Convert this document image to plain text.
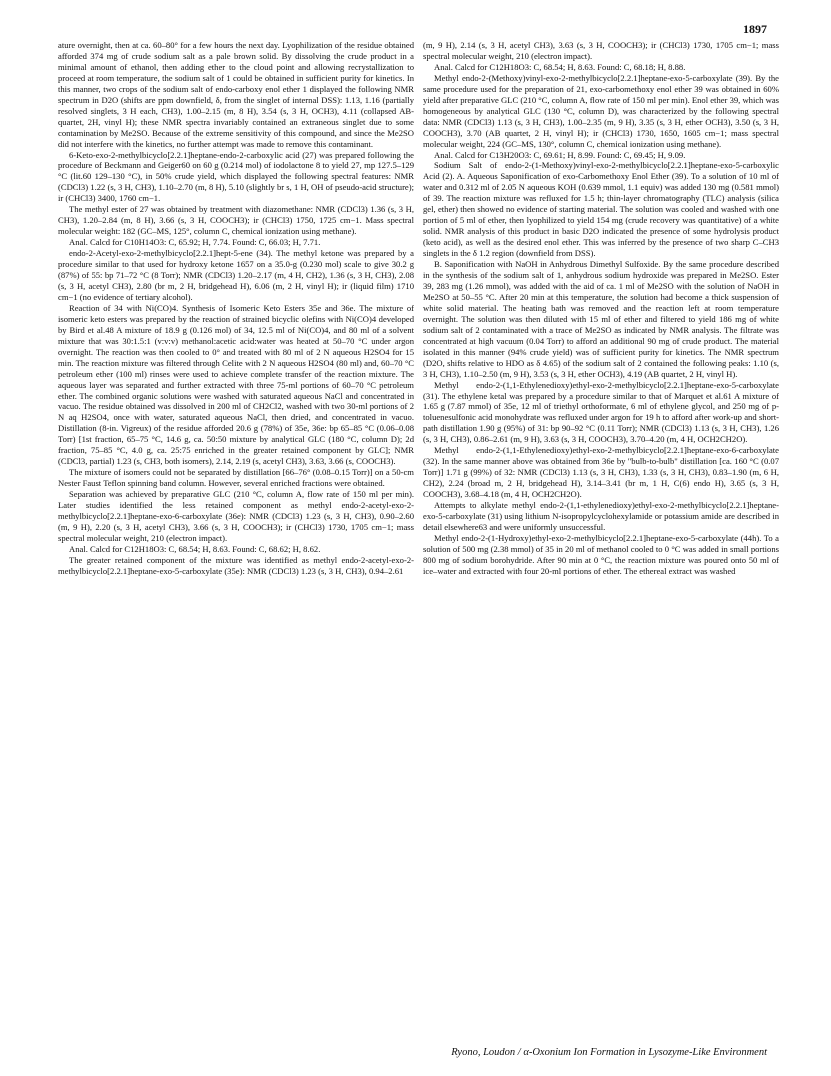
1897

ature overnight, then at ca. 60–80° for a few hours the next day. Lyophilization of the residue obtained afforded 374 mg of crude sodium salt as a pale brown solid. By dissolving the crude product in a minimal amount of ethanol, then adding ether to the cloud point and allowing recrystallization to proceed at room temperature, the sodium salt of 1 could be obtained in sufficient purity for kinetics. In this manner, two crops of the sodium salt of endo-carboxy enol ether 1 displayed the following NMR spectrum in D2O (shifts are ppm downfield, δ, from the singlet of internal DSS): 1.13, 1.16 (partially resolved singlets, 3 H each, CH3), 1.00–2.15 (m, 8 H), 3.54 (s, 3 H, OCH3), 4.11 (collapsed AB-quartet, 2H, vinyl H); these NMR spectra invariably contained an extraneous singlet due to some contamination by Me2SO. Because of the extreme sensitivity of this compound, and since the Me2SO did not interfere with the kinetics, no further attempt was made to remove this contaminant.

6-Keto-exo-2-methylbicyclo[2.2.1]heptane-endo-2-carboxylic acid (27) was prepared following the procedure of Beckmann and Geiger60 on 60 g (0.214 mol) of iodolactone 8 to yield 27, mp 127.5–129 °C (lit.60 129–130 °C), in 50% crude yield, which displayed the following spectral features: NMR (CDCl3) 1.22 (s, 3 H, CH3), 1.10–2.70 (m, 8 H), 5.10 (slightly br s, 1 H, OH of pseudo-acid structure); ir (CHCl3) 3400, 1760 cm−1.

The methyl ester of 27 was obtained by treatment with diazomethane: NMR (CDCl3) 1.36 (s, 3 H, CH3), 1.20–2.84 (m, 8 H), 3.66 (s, 3 H, COOCH3); ir (CHCl3) 1750, 1725 cm−1. Mass spectral molecular weight: 182 (GC–MS, 125°, column C, chemical ionization using methane).

Anal. Calcd for C10H14O3: C, 65.92; H, 7.74. Found: C, 66.03; H, 7.71.

endo-2-Acetyl-exo-2-methylbicyclo[2.2.1]hept-5-ene (34). The methyl ketone was prepared by a procedure similar to that used for hydroxy ketone 1657 on a 35.0-g (0.230 mol) scale to give 30.2 g (87%) of 55: bp 71–72 °C (8 Torr); NMR (CDCl3) 1.20–2.17 (m, 4 H, CH2), 1.36 (s, 3 H, CH3), 2.08 (s, 3 H, acetyl CH3), 2.80 (br m, 2 H, bridgehead H), 6.06 (m, 2 H, vinyl H); ir (liquid film) 1710 cm−1 (no evidence of tertiary alcohol).

Reaction of 34 with Ni(CO)4. Synthesis of Isomeric Keto Esters 35e and 36e. The mixture of isomeric keto esters was prepared by the reaction of strained bicyclic olefins with Ni(CO)4 developed by Bird et al.48 A mixture of 18.9 g (0.126 mol) of 34, 12.5 ml of Ni(CO)4, and 80 ml of a solvent mixture that was 30:1.5:1 (v:v:v) methanol:acetic acid:water was heated at 50–70 °C under argon overnight. The reaction was then cooled to 0° and treated with 80 ml of 2 N aqueous H2SO4 for 15 min. The reaction mixture was filtered through Celite with 2 N aqueous H2SO4 (80 ml) and, 60–70 °C petroleum ether (100 ml) rinses were used to achieve complete transfer of the reaction mixture. The aqueous layer was separated and further extracted with three 75-ml portions of 60–70 °C petroleum ether. The combined organic solutions were washed with saturated aqueous NaCl and concentrated in vacuo. The residue obtained was dissolved in 200 ml of CH2Cl2, washed with two 30-ml portions of 2 N aq H2SO4, once with water, saturated aqueous NaCl, then dried, and concentrated in vacuo. Distillation (8-in. Vigreux) of the residue afforded 20.6 g (78%) of 35e, 36e: bp 65–85 °C (0.06–0.08 Torr) [1st fraction, 65–75 °C, 14.6 g, ca. 50:50 mixture by analytical GLC (180 °C, column D); 2d fraction, 75–85 °C, 4.0 g, ca. 25:75 enriched in the greater retained component by GLC]; NMR (CDCl3, partial) 1.23 (s, CH3, both isomers), 2.14, 2.19 (s, acetyl CH3), 3.63, 3.66 (s, COOCH3).

The mixture of isomers could not be separated by distillation [66–76° (0.08–0.15 Torr)] on a 50-cm Nester Faust Teflon spinning band column. However, several enriched fractions were obtained.

Separation was achieved by preparative GLC (210 °C, column A, flow rate of 150 ml per min). Later studies identified the less retained component as methyl endo-2-acetyl-exo-2-methylbicyclo[2.2.1]heptane-exo-6-carboxylate (36e): NMR (CDCl3) 1.23 (s, 3 H, CH3), 0.90–2.60 (m, 9 H), 2.20 (s, 3 H, acetyl CH3), 3.66 (s, 3 H, COOCH3); ir (CHCl3) 1730, 1705 cm−1; mass spectral molecular weight, 210 (electron impact).

Anal. Calcd for C12H18O3: C, 68.54; H, 8.63. Found: C, 68.62; H, 8.62.

The greater retained component of the mixture was identified as methyl endo-2-acetyl-exo-2-methylbicyclo[2.2.1]heptane-exo-5-carboxylate (35e): NMR (CDCl3) 1.23 (s, 3 H, CH3), 0.94–2.61

(m, 9 H), 2.14 (s, 3 H, acetyl CH3), 3.63 (s, 3 H, COOCH3); ir (CHCl3) 1730, 1705 cm−1; mass spectral molecular weight, 210 (electron impact).

Anal. Calcd for C12H18O3: C, 68.54; H, 8.63. Found: C, 68.18; H, 8.88.

Methyl endo-2-(Methoxy)vinyl-exo-2-methylbicyclo[2.2.1]heptane-exo-5-carboxylate (39). By the same procedure used for the preparation of 21, exo-carbomethoxy enol ether 39 was obtained in 60% yield after preparative GLC (210 °C, column A, flow rate of 150 ml per min). Enol ether 39, which was homogeneous by analytical GLC (130 °C, column D), was characterized by the following spectral data: NMR (CDCl3) 1.13 (s, 3 H, CH3), 1.00–2.35 (m, 9 H), 3.35 (s, 3 H, ether OCH3), 3.50 (s, 3 H, COOCH3), 3.70 (AB quartet, 2 H, vinyl H); ir (CHCl3) 1730, 1650, 1605 cm−1; mass spectral molecular weight, 224 (GC–MS, 130°, column C, chemical ionization using methane).

Anal. Calcd for C13H20O3: C, 69.61; H, 8.99. Found: C, 69.45; H, 9.09.

Sodium Salt of endo-2-(1-Methoxy)vinyl-exo-2-methylbicyclo[2.2.1]heptane-exo-5-carboxylic Acid (2). A. Aqueous Saponification of exo-Carbomethoxy Enol Ether (39). To a solution of 10 ml of water and 0.312 ml of 2.05 N aqueous KOH (0.639 mmol, 1.1 equiv) was added 130 mg (0.581 mmol) of 39. The reaction mixture was refluxed for 1.5 h; thin-layer chromatography (TLC) analysis (silica gel, ether) then showed no evidence of starting material. The solution was cooled and washed with one portion of 5 ml of ether, then lyophilized to yield 154 mg (crude recovery was quantitative) of a white solid. NMR analysis of this product in basic D2O indicated the presence of some hydrolysis product (keto acid), as well as the desired enol ether. This was inferred by the presence of two sharp C–CH3 singlets in the δ 1.2 region (downfield from DSS).

B. Saponification with NaOH in Anhydrous Dimethyl Sulfoxide. By the same procedure described in the synthesis of the sodium salt of 1, anhydrous sodium hydroxide was prepared in Me2SO. Ester 39, 283 mg (1.26 mmol), was added with the aid of ca. 1 ml of Me2SO with the solution of NaOH in Me2SO at 50–55 °C. After 20 min at this temperature, the solution had become a thick suspension of white solid material. The heating bath was removed and the reaction left at room temperature overnight. The solution was then diluted with 15 ml of ether and filtered to yield 186 mg of white sodium salt of 2 contaminated with a trace of Me2SO as indicated by NMR analysis. The filtrate was concentrated at high vacuum (0.04 Torr) to afford an additional 90 mg of crude product. The material isolated in this manner (94% crude yield) was of sufficient purity for kinetics. The NMR spectrum (D2O, shifts relative to HDO as δ 4.65) of the sodium salt of 2 contained the following peaks: 1.10 (s, 3 H, CH3), 1.10–2.50 (m, 9 H), 3.53 (s, 3 H, ether OCH3), 4.19 (AB quartet, 2 H, vinyl H).

Methyl endo-2-(1,1-Ethylenedioxy)ethyl-exo-2-methylbicyclo[2.2.1]heptane-exo-5-carboxylate (31). The ethylene ketal was prepared by a procedure similar to that of Marquet et al.61 A mixture of 1.65 g (7.87 mmol) of 35e, 12 ml of triethyl orthoformate, 6 ml of ethylene glycol, and 250 mg of p-toluenesulfonic acid monohydrate was refluxed under argon for 19 h to afford after work-up and short-path distillation 1.90 g (95%) of 31: bp 90–92 °C (0.11 Torr); NMR (CDCl3) 1.13 (s, 3 H, CH3), 1.26 (s, 3 H, CH3), 0.86–2.61 (m, 9 H), 3.63 (s, 3 H, COOCH3), 3.70–4.20 (m, 4 H, OCH2CH2O).

Methyl endo-2-(1,1-Ethylenedioxy)ethyl-exo-2-methylbicyclo[2.2.1]heptane-exo-6-carboxylate (32). In the same manner above was obtained from 36e by "bulb-to-bulb" distillation [ca. 160 °C (0.07 Torr)] 1.71 g (99%) of 32: NMR (CDCl3) 1.13 (s, 3 H, CH3), 1.33 (s, 3 H, CH3), 0.83–1.90 (m, 6 H, CH2), 2.24 (broad m, 2 H, bridgehead H), 3.14–3.41 (br m, 1 H, C(6) endo H), 3.65 (s, 3 H, COOCH3), 3.68–4.18 (m, 4 H, OCH2CH2O).

Attempts to alkylate methyl endo-2-(1,1-ethylenedioxy)ethyl-exo-2-methylbicyclo[2.2.1]heptane-exo-5-carboxylate (31) using lithium N-isopropylcyclohexylamide or potassium amide are described in detail elsewhere63 and were uniformly unsuccessful.

Methyl endo-2-(1-Hydroxy)ethyl-exo-2-methylbicyclo[2.2.1]heptane-exo-5-carboxylate (44h). To a solution of 500 mg (2.38 mmol) of 35 in 20 ml of methanol cooled to 0 °C was added in small portions 800 mg of sodium borohydride. After 90 min at 0 °C, the reaction mixture was poured onto 50 ml of ice–water and extracted with four 20-ml portions of ether. The ethereal extract was washed

Ryono, Loudon / α-Oxonium Ion Formation in Lysozyme-Like Environment
